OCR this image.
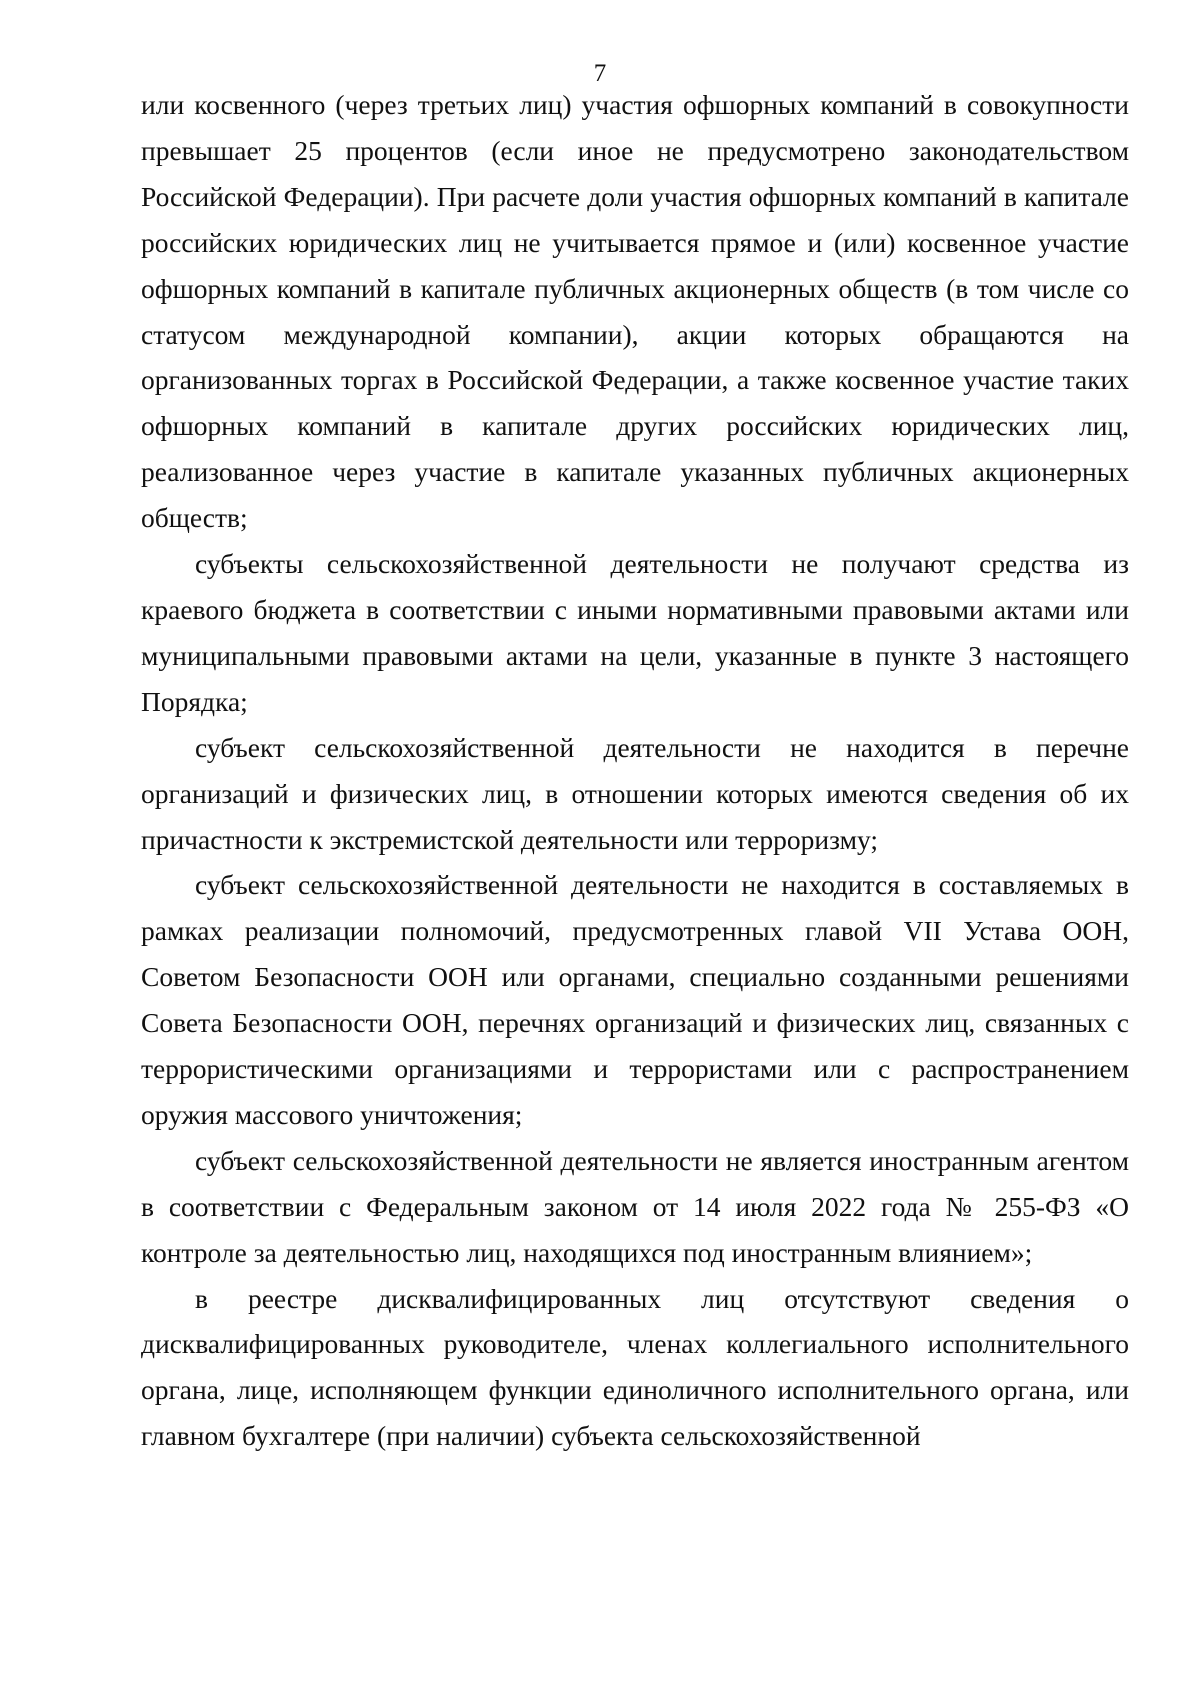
7

или косвенного (через третьих лиц) участия офшорных компаний в совокупности превышает 25 процентов (если иное не предусмотрено законодательством Российской Федерации). При расчете доли участия офшорных компаний в капитале российских юридических лиц не учитывается прямое и (или) косвенное участие офшорных компаний в капитале публичных акционерных обществ (в том числе со статусом международной компании), акции которых обращаются на организованных торгах в Российской Федерации, а также косвенное участие таких офшорных компаний в капитале других российских юридических лиц, реализованное через участие в капитале указанных публичных акционерных обществ;

субъекты сельскохозяйственной деятельности не получают средства из краевого бюджета в соответствии с иными нормативными правовыми актами или муниципальными правовыми актами на цели, указанные в пункте 3 настоящего Порядка;

субъект сельскохозяйственной деятельности не находится в перечне организаций и физических лиц, в отношении которых имеются сведения об их причастности к экстремистской деятельности или терроризму;

субъект сельскохозяйственной деятельности не находится в составляемых в рамках реализации полномочий, предусмотренных главой VII Устава ООН, Советом Безопасности ООН или органами, специально созданными решениями Совета Безопасности ООН, перечнях организаций и физических лиц, связанных с террористическими организациями и террористами или с распространением оружия массового уничтожения;

субъект сельскохозяйственной деятельности не является иностранным агентом в соответствии с Федеральным законом от 14 июля 2022 года № 255-ФЗ «О контроле за деятельностью лиц, находящихся под иностранным влиянием»;

в реестре дисквалифицированных лиц отсутствуют сведения о дисквалифицированных руководителе, членах коллегиального исполнительного органа, лице, исполняющем функции единоличного исполнительного органа, или главном бухгалтере (при наличии) субъекта сельскохозяйственной
